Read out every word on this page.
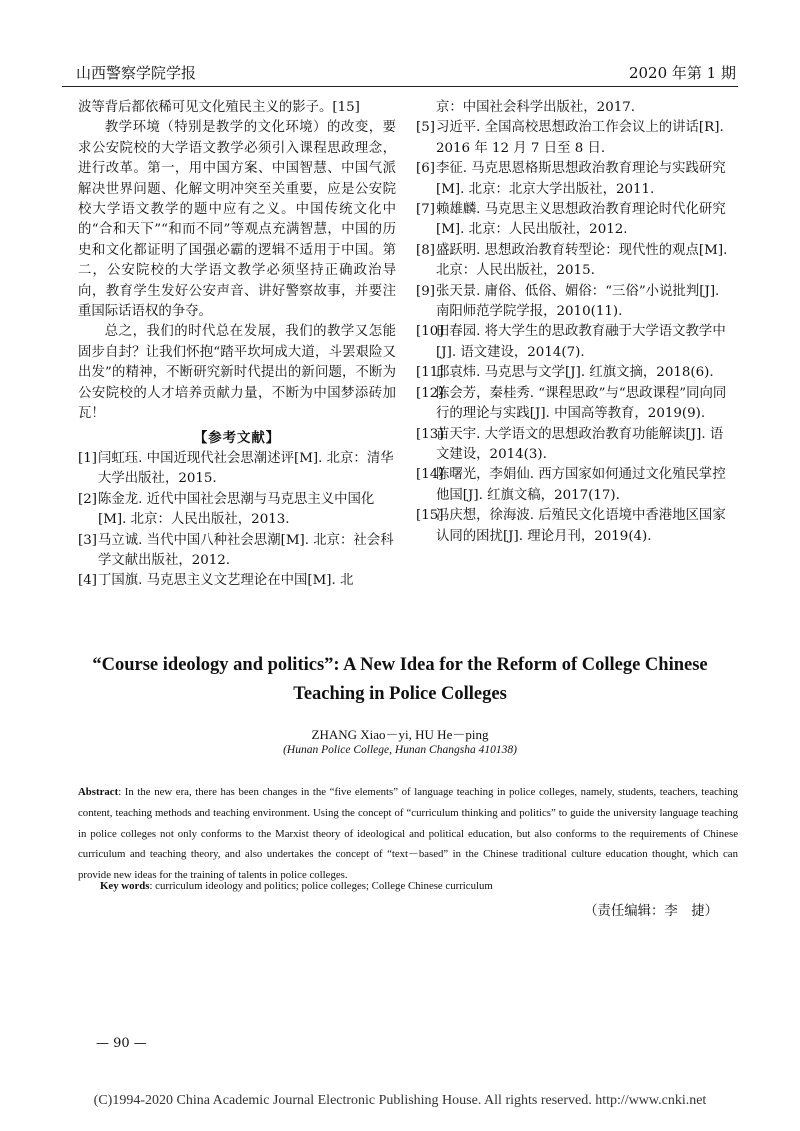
山西警察学院学报	2020 年第 1 期

波等背后都依稀可见文化殖民主义的影子。[15]

教学环境（特别是教学的文化环境）的改变，要求公安院校的大学语文教学必须引入课程思政理念，进行改革。第一，用中国方案、中国智慧、中国气派解决世界问题、化解文明冲突至关重要，应是公安院校大学语文教学的题中应有之义。中国传统文化中的“合和天下”“和而不同”等观点充满智慧，中国的历史和文化都证明了国强必霸的逻辑不适用于中国。第二，公安院校的大学语文教学必须坚持正确政治导向，教育学生发好公安声音、讲好警察故事，并要注重国际话语权的争夺。

总之，我们的时代总在发展，我们的教学又怎能固步自封？让我们怀抱“踏平坎坷成大道，斗罢艰险又出发”的精神，不断研究新时代提出的新问题，不断为公安院校的人才培养贡献力量，不断为中国梦添砖加瓦！

【参考文献】

[1]闫虹珏. 中国近现代社会思潮述评[M]. 北京：清华大学出版社，2015.

[2]陈金龙. 近代中国社会思潮与马克思主义中国化[M]. 北京：人民出版社，2013.

[3]马立诚. 当代中国八种社会思潮[M]. 北京：社会科学文献出版社，2012.

[4]丁国旗. 马克思主义文艺理论在中国[M]. 北

京：中国社会科学出版社，2017.

[5]习近平. 全国高校思想政治工作会议上的讲话[R]. 2016 年 12 月 7 日至 8 日.

[6]李征. 马克思恩格斯思想政治教育理论与实践研究[M]. 北京：北京大学出版社，2011.

[7]赖雄麟. 马克思主义思想政治教育理论时代化研究[M]. 北京：人民出版社，2012.

[8]盛跃明. 思想政治教育转型论：现代性的观点[M]. 北京：人民出版社，2015.

[9]张天景. 庸俗、低俗、媚俗：“三俗”小说批判[J]. 南阳师范学院学报，2010(11).

[10]田春园. 将大学生的思政教育融于大学语文教学中[J]. 语文建设，2014(7).

[11]邱袁炜. 马克思与文学[J]. 红旗文摘，2018(6).

[12]陈会芳，秦桂秀. “课程思政”与“思政课程”同向同行的理论与实践[J]. 中国高等教育，2019(9).

[13]苗天宇. 大学语文的思想政治教育功能解读[J]. 语文建设，2014(3).

[14]陈曙光，李娟仙. 西方国家如何通过文化殖民掌控他国[J]. 红旗文稿，2017(17).

[15]冯庆想，徐海波. 后殖民文化语境中香港地区国家认同的困扰[J]. 理论月刊，2019(4).

“Course ideology and politics”: A New Idea for the Reform of College Chinese Teaching in Police Colleges
ZHANG Xiao－yi, HU He－ping
(Hunan Police College, Hunan Changsha 410138)
Abstract: In the new era, there has been changes in the “five elements” of language teaching in police colleges, namely, students, teachers, teaching content, teaching methods and teaching environment. Using the concept of “curriculum thinking and politics” to guide the university language teaching in police colleges not only conforms to the Marxist theory of ideological and political education, but also conforms to the requirements of Chinese curriculum and teaching theory, and also undertakes the concept of “text－based” in the Chinese traditional culture education thought, which can provide new ideas for the training of talents in police colleges.
Key words: curriculum ideology and politics; police colleges; College Chinese curriculum
（责任编辑：李　捷）
— 90 —
(C)1994-2020 China Academic Journal Electronic Publishing House. All rights reserved. http://www.cnki.net
